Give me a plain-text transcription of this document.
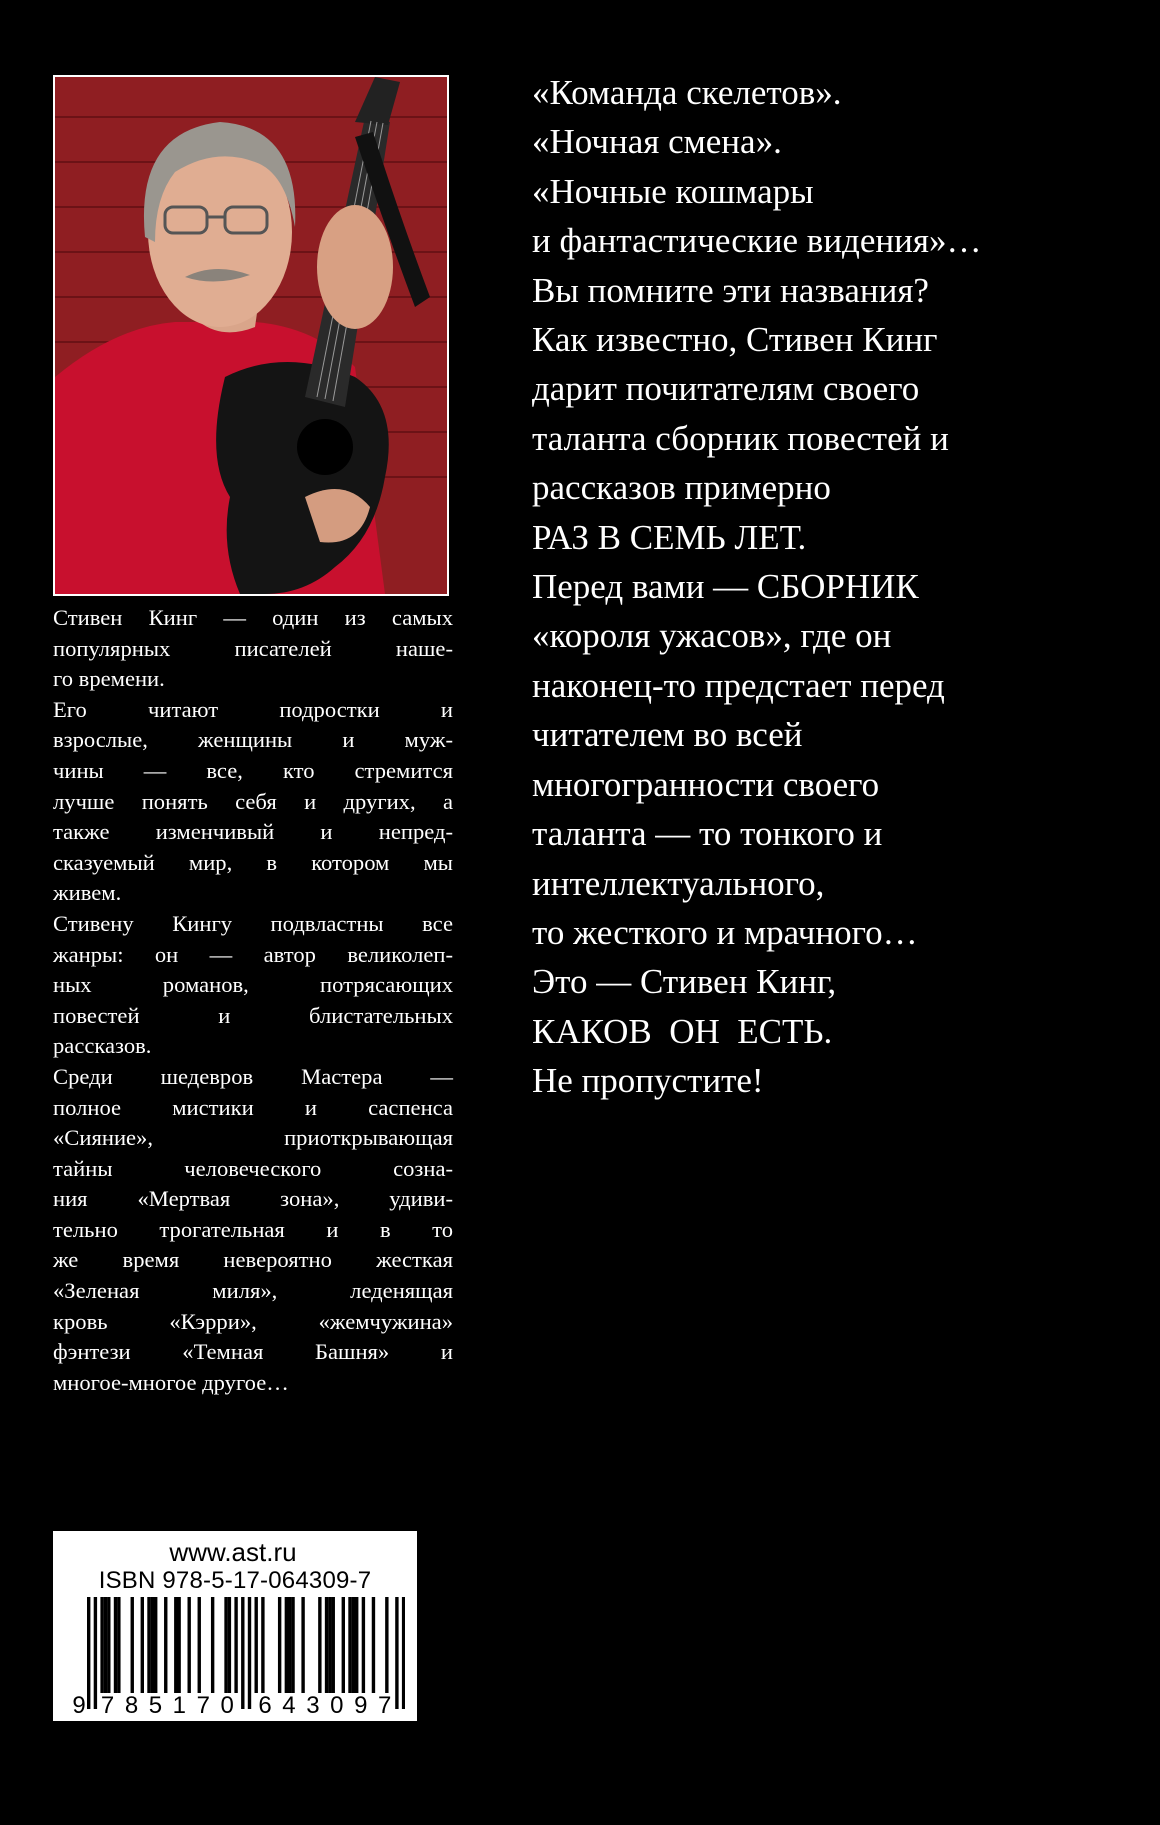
Стивен Кинг — один из самых
популярных писателей наше-
го времени.
Его читают подростки и
взрослые, женщины и муж-
чины — все, кто стремится
лучше понять себя и других, а
также изменчивый и непред-
сказуемый мир, в котором мы
живем.
Стивену Кингу подвластны все
жанры: он — автор великолеп-
ных романов, потрясающих
повестей и блистательных
рассказов.
Среди шедевров Мастера —
полное мистики и саспенса
«Сияние», приоткрывающая
тайны человеческого созна-
ния «Мертвая зона», удиви-
тельно трогательная и в то
же время невероятно жесткая
«Зеленая миля», леденящая
кровь «Кэрри», «жемчужина»
фэнтези «Темная Башня» и
многое-многое другое…
«Команда скелетов».
«Ночная смена».
«Ночные кошмары
и фантастические видения»…
Вы помните эти названия?
Как известно, Стивен Кинг
дарит почитателям своего
таланта сборник повестей и
рассказов примерно
РАЗ В СЕМЬ ЛЕТ.
Перед вами — СБОРНИК
«короля ужасов», где он
наконец-то предстает перед
читателем во всей
многогранности своего
таланта — то тонкого и
интеллектуального,
то жесткого и мрачного…
Это — Стивен Кинг,
КАКОВ  ОН  ЕСТЬ.
Не пропустите!
www.ast.ru
ISBN 978-5-17-064309-7
9 785170 643097
